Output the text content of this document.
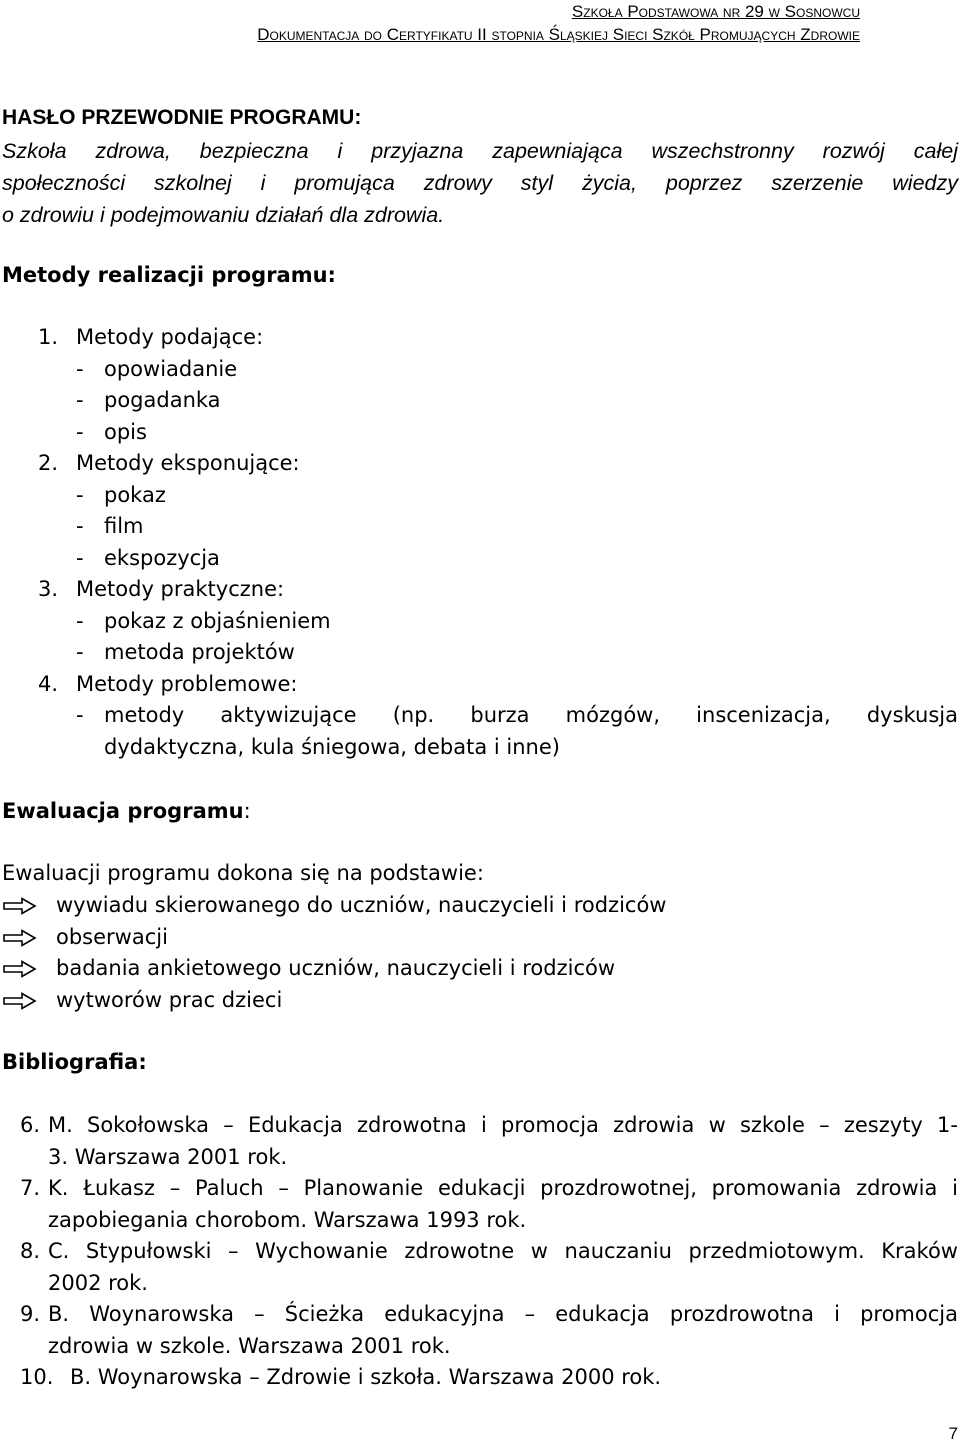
Szkoła Podstawowa nr 29 w Sosnowcu
Dokumentacja do Certyfikatu II stopnia Śląskiej Sieci Szkół Promujących Zdrowie
HASŁO PRZEWODNIE PROGRAMU:
Szkoła zdrowa, bezpieczna i przyjazna zapewniająca wszechstronny rozwój całej
społeczności szkolnej i promująca zdrowy styl życia, poprzez szerzenie wiedzy
o zdrowiu i podejmowaniu działań dla zdrowia.
Metody realizacji programu:
1. Metody podające:
- opowiadanie
- pogadanka
- opis
2. Metody eksponujące:
- pokaz
- film
- ekspozycja
3. Metody praktyczne:
- pokaz z objaśnieniem
- metoda projektów
4. Metody problemowe:
- metody aktywizujące (np. burza mózgów, inscenizacja, dyskusja
dydaktyczna, kula śniegowa, debata i inne)
Ewaluacja programu:
Ewaluacji programu dokona się na podstawie:
wywiadu skierowanego do uczniów, nauczycieli i rodziców
obserwacji
badania ankietowego uczniów, nauczycieli i rodziców
wytworów prac dzieci
Bibliografia:
6. M. Sokołowska – Edukacja zdrowotna i promocja zdrowia w szkole – zeszyty 1-
3. Warszawa 2001 rok.
7. K. Łukasz – Paluch – Planowanie edukacji prozdrowotnej, promowania zdrowia i
zapobiegania chorobom. Warszawa 1993 rok.
8. C. Stypułowski – Wychowanie zdrowotne w nauczaniu przedmiotowym. Kraków
2002 rok.
9. B. Woynarowska – Ścieżka edukacyjna – edukacja prozdrowotna i promocja
zdrowia w szkole. Warszawa 2001 rok.
10. B. Woynarowska – Zdrowie i szkoła. Warszawa 2000 rok.
7
